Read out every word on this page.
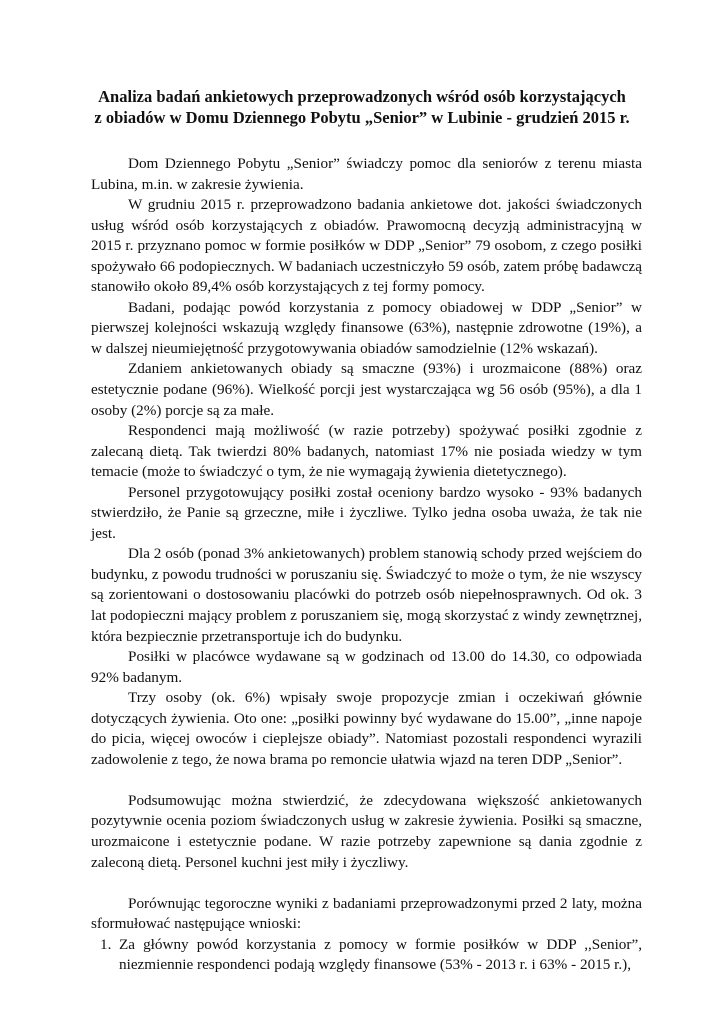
Analiza badań ankietowych przeprowadzonych wśród osób korzystających
z obiadów w Domu Dziennego Pobytu „Senior” w Lubinie - grudzień 2015 r.

Dom Dziennego Pobytu „Senior” świadczy pomoc dla seniorów z terenu miasta Lubina, m.in. w zakresie żywienia.

W grudniu 2015 r. przeprowadzono badania ankietowe dot. jakości świadczonych usług wśród osób korzystających z obiadów. Prawomocną decyzją administracyjną w 2015 r. przyznano pomoc w formie posiłków w DDP „Senior” 79 osobom, z czego posiłki spożywało 66 podopiecznych. W badaniach uczestniczyło 59 osób, zatem próbę badawczą stanowiło około 89,4% osób korzystających z tej formy pomocy.

Badani, podając powód korzystania z pomocy obiadowej w DDP „Senior” w pierwszej kolejności wskazują względy finansowe (63%), następnie zdrowotne (19%), a w dalszej nieumiejętność przygotowywania obiadów samodzielnie (12% wskazań).

Zdaniem ankietowanych obiady są smaczne (93%) i urozmaicone (88%) oraz estetycznie podane (96%). Wielkość porcji jest wystarczająca wg 56 osób (95%), a dla 1 osoby (2%) porcje są za małe.

Respondenci mają możliwość (w razie potrzeby) spożywać posiłki zgodnie z zalecaną dietą. Tak twierdzi 80% badanych, natomiast 17% nie posiada wiedzy w tym temacie (może to świadczyć o tym, że nie wymagają żywienia dietetycznego).

Personel przygotowujący posiłki został oceniony bardzo wysoko - 93% badanych stwierdziło, że Panie są grzeczne, miłe i życzliwe. Tylko jedna osoba uważa, że tak nie jest.

Dla 2 osób (ponad 3% ankietowanych) problem stanowią schody przed wejściem do budynku, z powodu trudności w poruszaniu się. Świadczyć to może o tym, że nie wszyscy są zorientowani o dostosowaniu placówki do potrzeb osób niepełnosprawnych. Od ok. 3 lat podopieczni mający problem z poruszaniem się, mogą skorzystać z windy zewnętrznej, która bezpiecznie przetransportuje ich do budynku.

Posiłki w placówce wydawane są w godzinach od 13.00 do 14.30, co odpowiada 92% badanym.

Trzy osoby (ok. 6%) wpisały swoje propozycje zmian i oczekiwań głównie dotyczących żywienia. Oto one: „posiłki powinny być wydawane do 15.00”, „inne napoje do picia, więcej owoców i cieplejsze obiady”. Natomiast pozostali respondenci wyrazili zadowolenie z tego, że nowa brama po remoncie ułatwia wjazd na teren DDP „Senior”.

Podsumowując można stwierdzić, że zdecydowana większość ankietowanych pozytywnie ocenia poziom świadczonych usług w zakresie żywienia. Posiłki są smaczne, urozmaicone i estetycznie podane. W razie potrzeby zapewnione są dania zgodnie z zaleconą dietą. Personel kuchni jest miły i życzliwy.

Porównując tegoroczne wyniki z badaniami przeprowadzonymi przed 2 laty, można sformułować następujące wnioski:

1. Za główny powód korzystania z pomocy w formie posiłków w DDP ,,Senior”, niezmiennie respondenci podają względy finansowe (53% - 2013 r. i 63% - 2015 r.),
